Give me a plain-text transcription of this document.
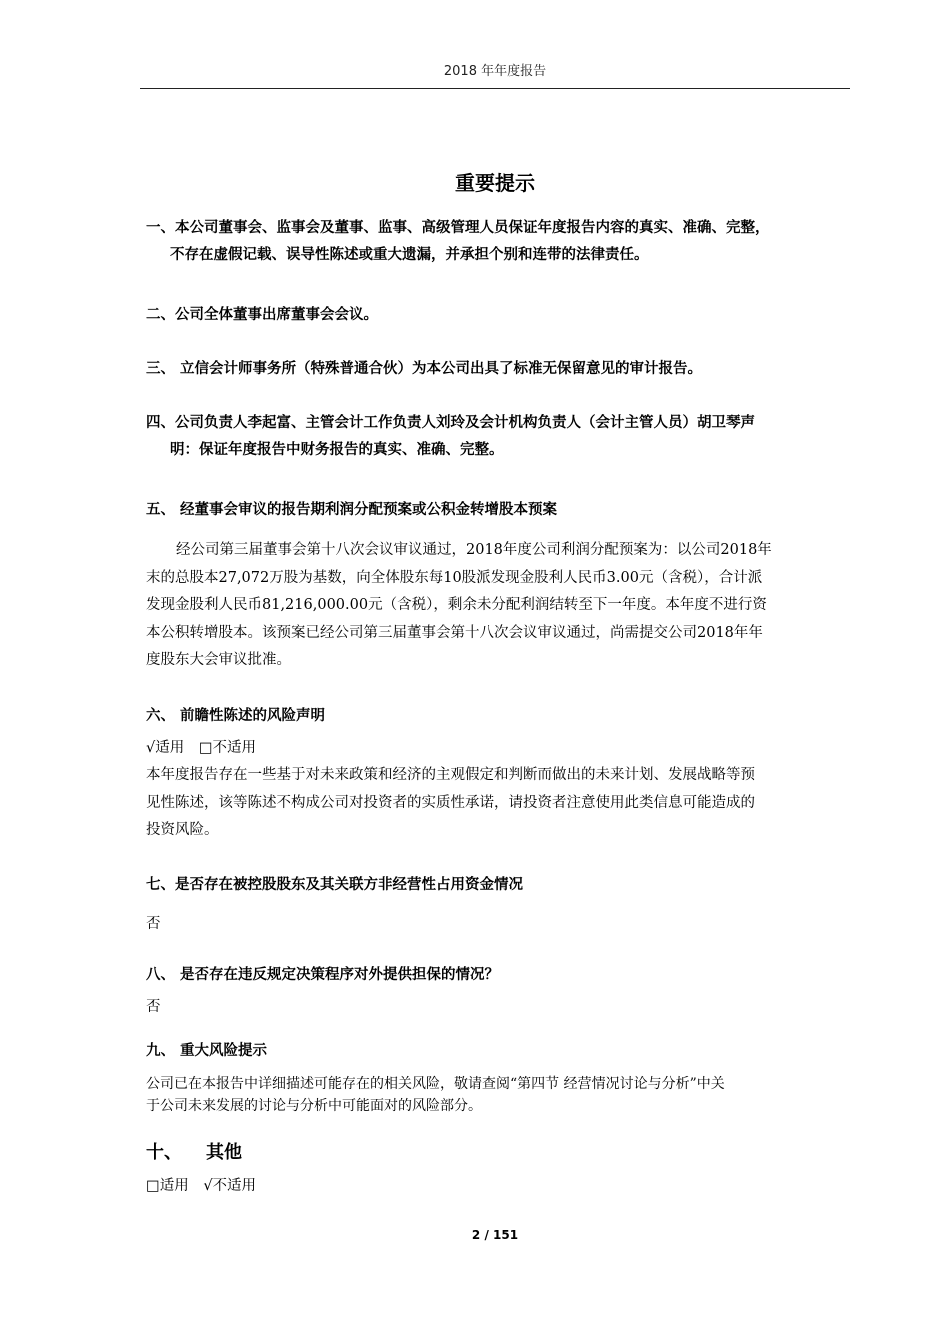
2018 年年度报告
重要提示
一、本公司董事会、监事会及董事、监事、高级管理人员保证年度报告内容的真实、准确、完整，
不存在虚假记载、误导性陈述或重大遗漏，并承担个别和连带的法律责任。
二、公司全体董事出席董事会会议。
三、 立信会计师事务所（特殊普通合伙）为本公司出具了标准无保留意见的审计报告。
四、公司负责人李起富、主管会计工作负责人刘玲及会计机构负责人（会计主管人员）胡卫琴声
明：保证年度报告中财务报告的真实、准确、完整。
五、 经董事会审议的报告期利润分配预案或公积金转增股本预案
经公司第三届董事会第十八次会议审议通过，2018年度公司利润分配预案为：以公司2018年
末的总股本27,072万股为基数，向全体股东每10股派发现金股利人民币3.00元（含税），合计派
发现金股利人民币81,216,000.00元（含税），剩余未分配利润结转至下一年度。本年度不进行资
本公积转增股本。该预案已经公司第三届董事会第十八次会议审议通过，尚需提交公司2018年年
度股东大会审议批准。
六、 前瞻性陈述的风险声明
√适用 □不适用
本年度报告存在一些基于对未来政策和经济的主观假定和判断而做出的未来计划、发展战略等预
见性陈述，该等陈述不构成公司对投资者的实质性承诺，请投资者注意使用此类信息可能造成的
投资风险。
七、是否存在被控股股东及其关联方非经营性占用资金情况
否
八、 是否存在违反规定决策程序对外提供担保的情况？
否
九、 重大风险提示
公司已在本报告中详细描述可能存在的相关风险，敬请查阅“第四节 经营情况讨论与分析”中关
于公司未来发展的讨论与分析中可能面对的风险部分。
十、 其他
□适用 √不适用
2 / 151
